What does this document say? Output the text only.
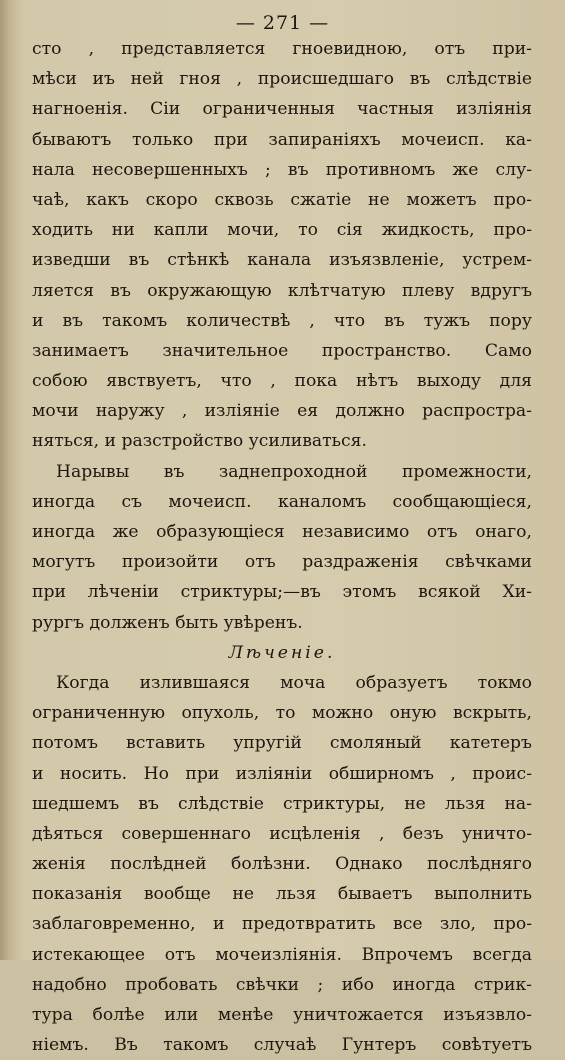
— 271 —
сто , представляется гноевидною, отъ при-
мѣси иъ ней гноя , происшедшаго въ слѣдствіе
нагноенія. Сіи ограниченныя частныя изліянія
бываютъ только при запираніяхъ мочеисп. ка-
нала несовершенныхъ ; въ противномъ же слу-
чаѣ, какъ скоро сквозь сжатіе не можетъ про-
ходить ни капли мочи, то сія жидкость, про-
изведши въ стѣнкѣ канала изъязвленіе, устрем-
ляется въ окружающую клѣтчатую плеву вдругъ
и въ такомъ количествѣ , что въ тужъ пору
занимаетъ значительное пространство. Само
собою явствуетъ, что , пока нѣтъ выходу для
мочи наружу , изліяніе ея должно распростра-
няться, и разстройство усиливаться.
Нарывы въ заднепроходной промежности,
иногда съ мочеисп. каналомъ сообщающіеся,
иногда же образующіеся независимо отъ онаго,
могутъ произойти отъ раздраженія свѣчками
при лѣченіи стриктуры;—въ этомъ всякой Хи-
рургъ долженъ быть увѣренъ.
Лѣченіе.
Когда излившаяся моча образуетъ токмо
ограниченную опухоль, то можно оную вскрыть,
потомъ вставить упругій смоляный катетеръ
и носить. Но при изліяніи обширномъ , проис-
шедшемъ въ слѣдствіе стриктуры, не льзя на-
дѣяться совершеннаго исцѣленія , безъ уничто-
женія послѣдней болѣзни. Однако послѣдняго
показанія вообще не льзя бываетъ выполнить
заблаговременно, и предотвратить все зло, про-
истекающее отъ мочеизліянія. Впрочемъ всегда
надобно пробовать свѣчки ; ибо иногда стрик-
тура болѣе или менѣе уничтожается изъязвло-
ніемъ. Въ такомъ случаѣ Гунтеръ совѣтуетъ
